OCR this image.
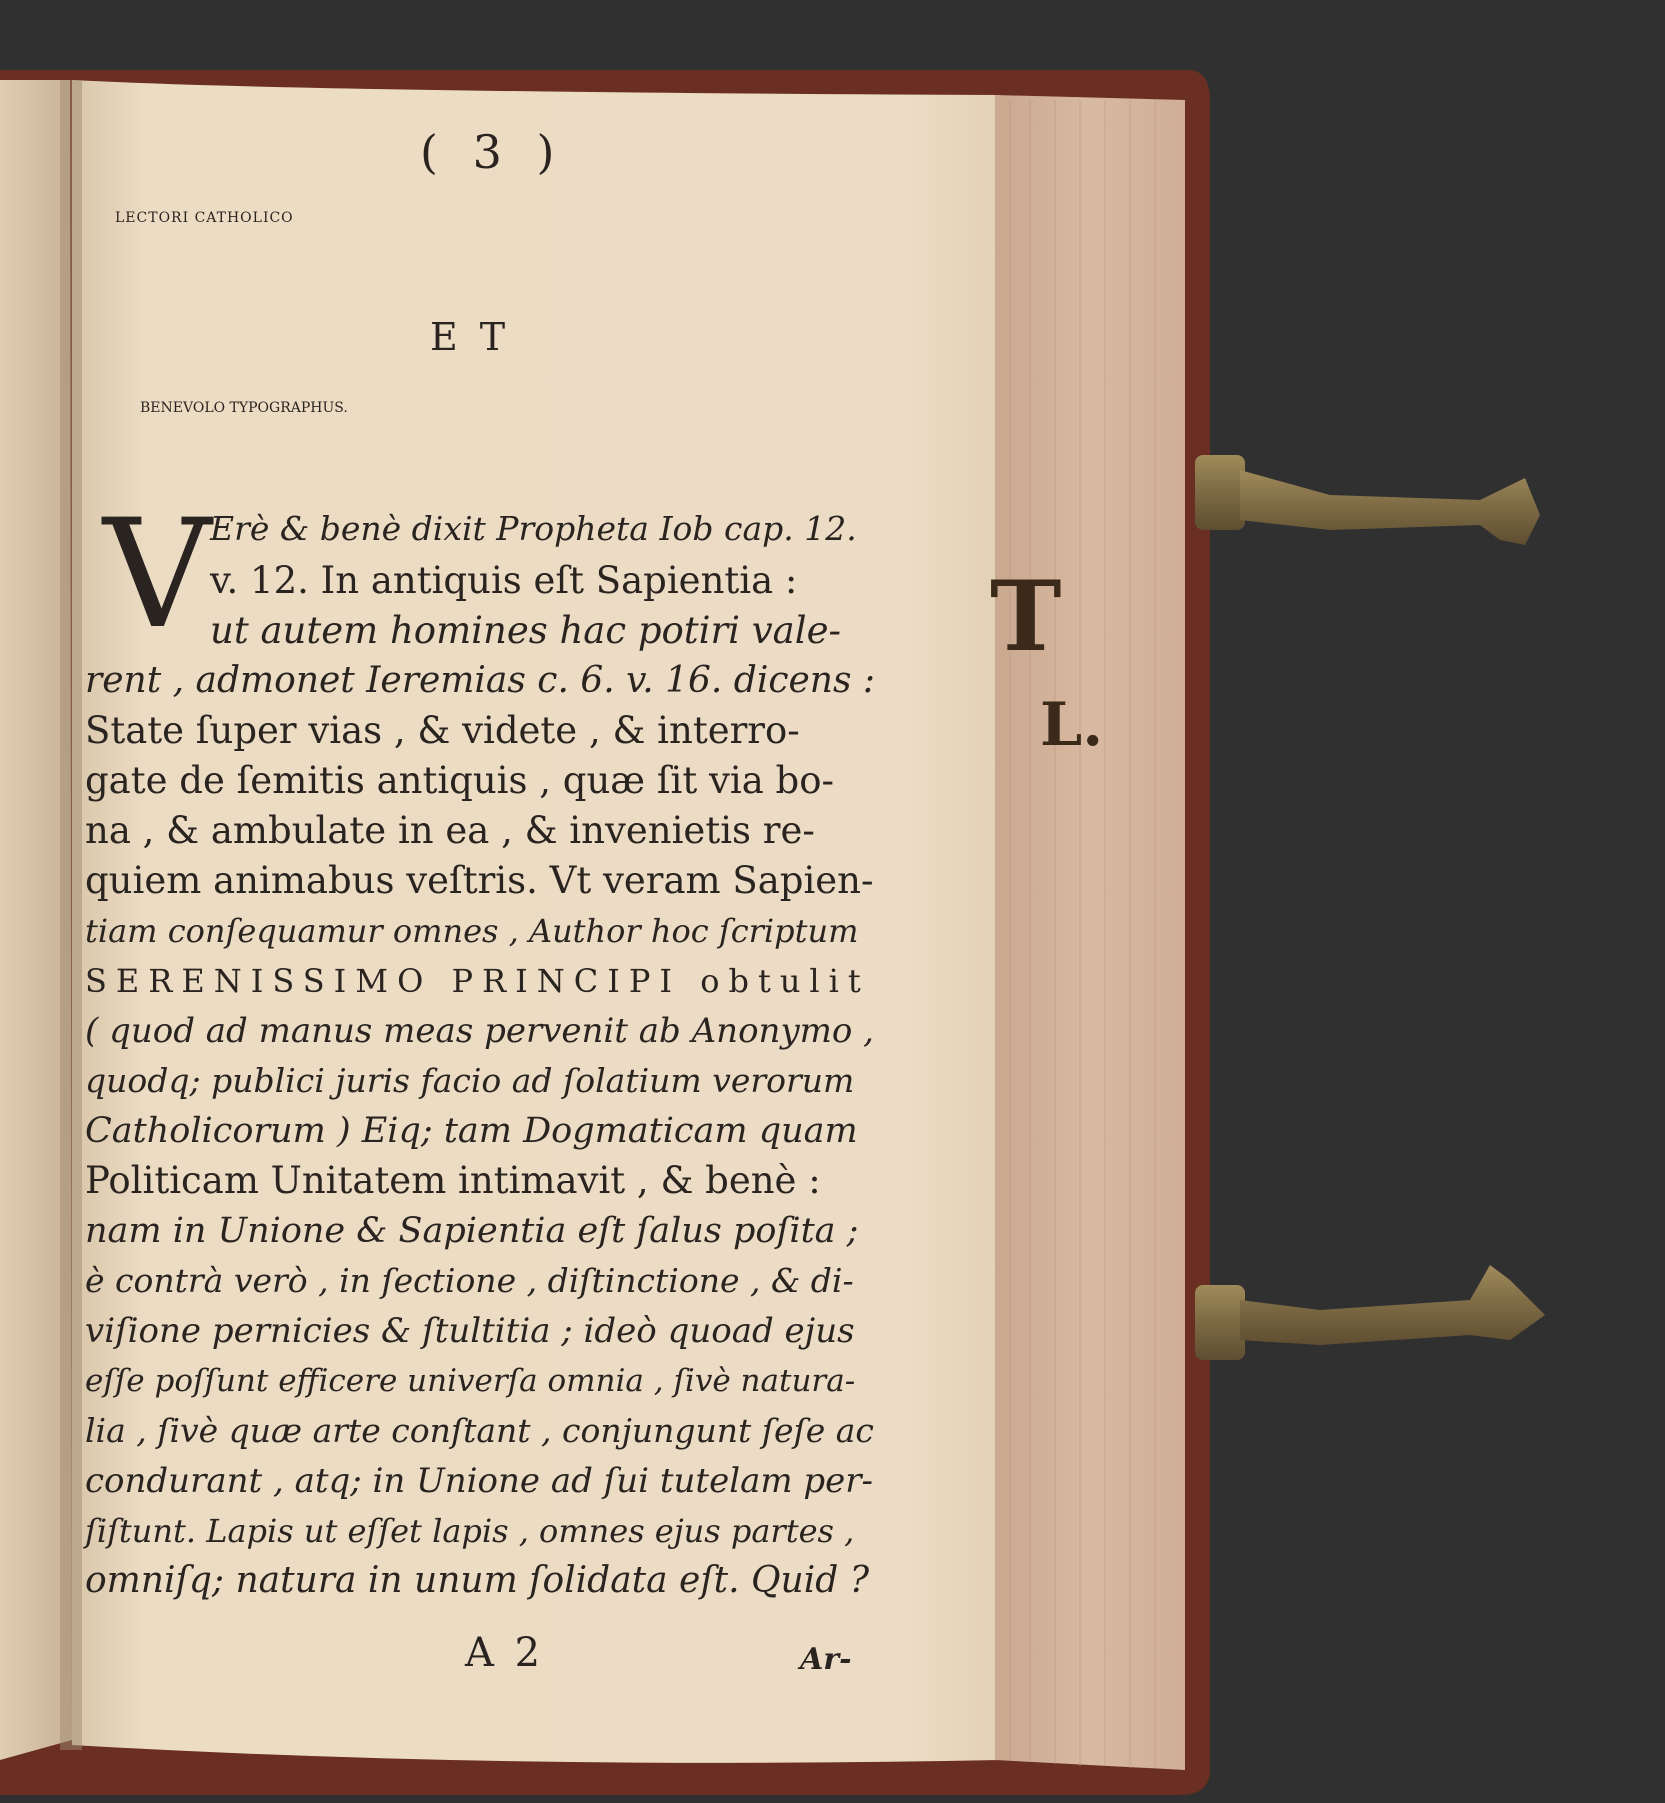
( 3 )
LECTORI CATHOLICO
ET
BENEVOLO TYPOGRAPHUS.
V
Erè & benè dixit Propheta Iob cap. 12.
v. 12. In antiquis eſt Sapientia :
ut autem homines hac potiri vale-
rent , admonet Ieremias c. 6. v. 16. dicens :
State ſuper vias , & videte , & interro-
gate de ſemitis antiquis , quæ ſit via bo-
na , & ambulate in ea , & invenietis re-
quiem animabus veſtris. Vt veram Sapien-
tiam conſequamur omnes , Author hoc ſcriptum
SERENISSIMO PRINCIPI obtulit
( quod ad manus meas pervenit ab Anonymo ,
quodq; publici juris facio ad ſolatium verorum
Catholicorum ) Eiq; tam Dogmaticam quam
Politicam Unitatem intimavit , & benè :
nam in Unione & Sapientia eſt ſalus poſita ;
è contrà verò , in ſectione , diſtinctione , & di-
viſione pernicies & ſtultitia ; ideò quoad ejus
eſſe poſſunt efficere univerſa omnia , ſivè natura-
lia , ſivè quæ arte conſtant , conjungunt ſeſe ac
condurant , atq; in Unione ad ſui tutelam per-
ſiſtunt. Lapis ut eſſet lapis , omnes ejus partes ,
omniſq; natura in unum ſolidata eſt. Quid ?
A 2	Ar-
T
L.
